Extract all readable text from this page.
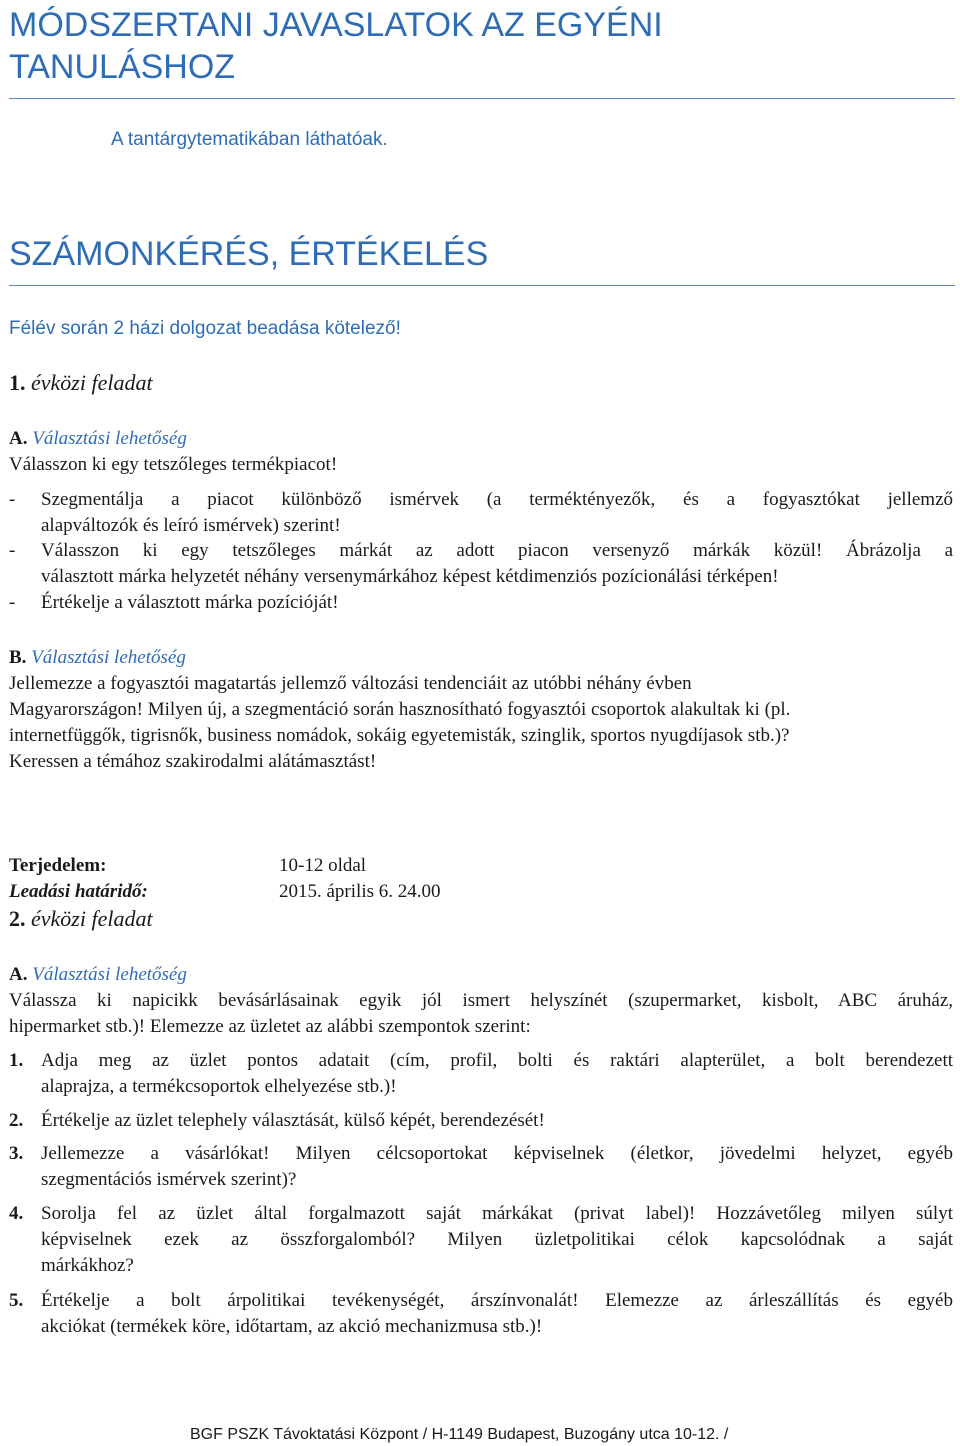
MÓDSZERTANI JAVASLATOK AZ EGYÉNI
TANULÁSHOZ

A tantárgytematikában láthatóak.

SZÁMONKÉRÉS, ÉRTÉKELÉS

Félév során 2 házi dolgozat beadása kötelező!

1. évközi feladat
A. Választási lehetőség

Válasszon ki egy tetszőleges termékpiacot!

- Szegmentálja a piacot különböző ismérvek (a terméktényezők, és a fogyasztókat jellemző
alapváltozók és leíró ismérvek) szerint!
- Válasszon ki egy tetszőleges márkát az adott piacon versenyző márkák közül! Ábrázolja a
választott márka helyzetét néhány versenymárkához képest kétdimenziós pozícionálási térképen!
- Értékelje a választott márka pozícióját!
B. Választási lehetőség
Jellemezze a fogyasztói magatartás jellemző változási tendenciáit az utóbbi néhány évben
Magyarországon! Milyen új, a szegmentáció során hasznosítható fogyasztói csoportok alakultak ki (pl.
internetfüggők, tigrisnők, business nomádok, sokáig egyetemisták, szinglik, sportos nyugdíjasok stb.)?
Keressen a témához szakirodalmi alátámasztást!
Terjedelem:	10-12 oldal
Leadási határidő:	2015. április 6. 24.00
2. évközi feladat
A. Választási lehetőség
Válassza ki napicikk bevásárlásainak egyik jól ismert helyszínét (szupermarket, kisbolt, ABC áruház,
hipermarket stb.)! Elemezze az üzletet az alábbi szempontok szerint:
1. Adja meg az üzlet pontos adatait (cím, profil, bolti és raktári alapterület, a bolt berendezett
alaprajza, a termékcsoportok elhelyezése stb.)!
2. Értékelje az üzlet telephely választását, külső képét, berendezését!
3. Jellemezze a vásárlókat! Milyen célcsoportokat képviselnek (életkor, jövedelmi helyzet, egyéb
szegmentációs ismérvek szerint)?
4. Sorolja fel az üzlet által forgalmazott saját márkákat (privat label)! Hozzávetőleg milyen súlyt
képviselnek ezek az összforgalomból? Milyen üzletpolitikai célok kapcsolódnak a saját
márkákhoz?
5. Értékelje a bolt árpolitikai tevékenységét, árszínvonalát! Elemezze az árleszállítás és egyéb
akciókat (termékek köre, időtartam, az akció mechanizmusa stb.)!
BGF PSZK Távoktatási Központ / H-1149 Budapest, Buzogány utca 10-12. /
